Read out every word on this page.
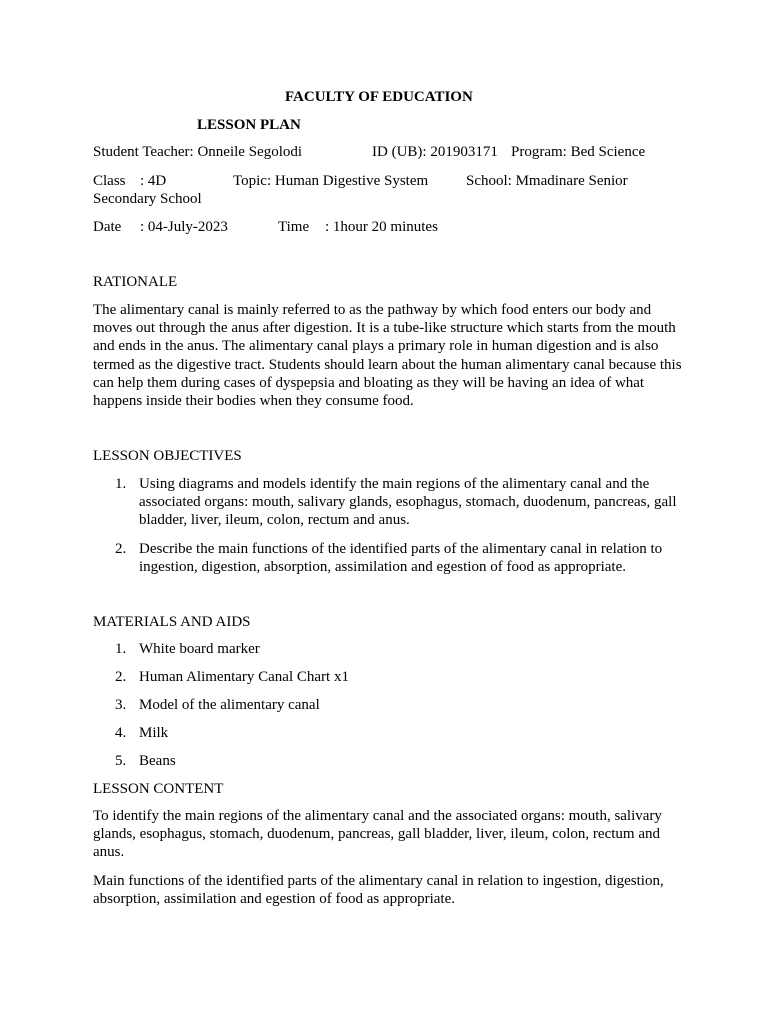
FACULTY OF EDUCATION
LESSON PLAN
Student Teacher: Onneile Segolodi	ID (UB): 201903171 Program: Bed Science
Class : 4D	Topic: Human Digestive System	School: Mmadinare Senior
Secondary School
Date : 04-July-2023	Time : 1hour 20 minutes
RATIONALE
The alimentary canal is mainly referred to as the pathway by which food enters our body and moves out through the anus after digestion. It is a tube-like structure which starts from the mouth and ends in the anus. The alimentary canal plays a primary role in human digestion and is also termed as the digestive tract. Students should learn about the human alimentary canal because this can help them during cases of dyspepsia and bloating as they will be having an idea of what happens inside their bodies when they consume food.
LESSON OBJECTIVES
1. Using diagrams and models identify the main regions of the alimentary canal and the associated organs: mouth, salivary glands, esophagus, stomach, duodenum, pancreas, gall bladder, liver, ileum, colon, rectum and anus.
2. Describe the main functions of the identified parts of the alimentary canal in relation to ingestion, digestion, absorption, assimilation and egestion of food as appropriate.
MATERIALS AND AIDS
1. White board marker
2. Human Alimentary Canal Chart x1
3. Model of the alimentary canal
4. Milk
5. Beans
LESSON CONTENT
To identify the main regions of the alimentary canal and the associated organs: mouth, salivary glands, esophagus, stomach, duodenum, pancreas, gall bladder, liver, ileum, colon, rectum and anus.
Main functions of the identified parts of the alimentary canal in relation to ingestion, digestion, absorption, assimilation and egestion of food as appropriate.
